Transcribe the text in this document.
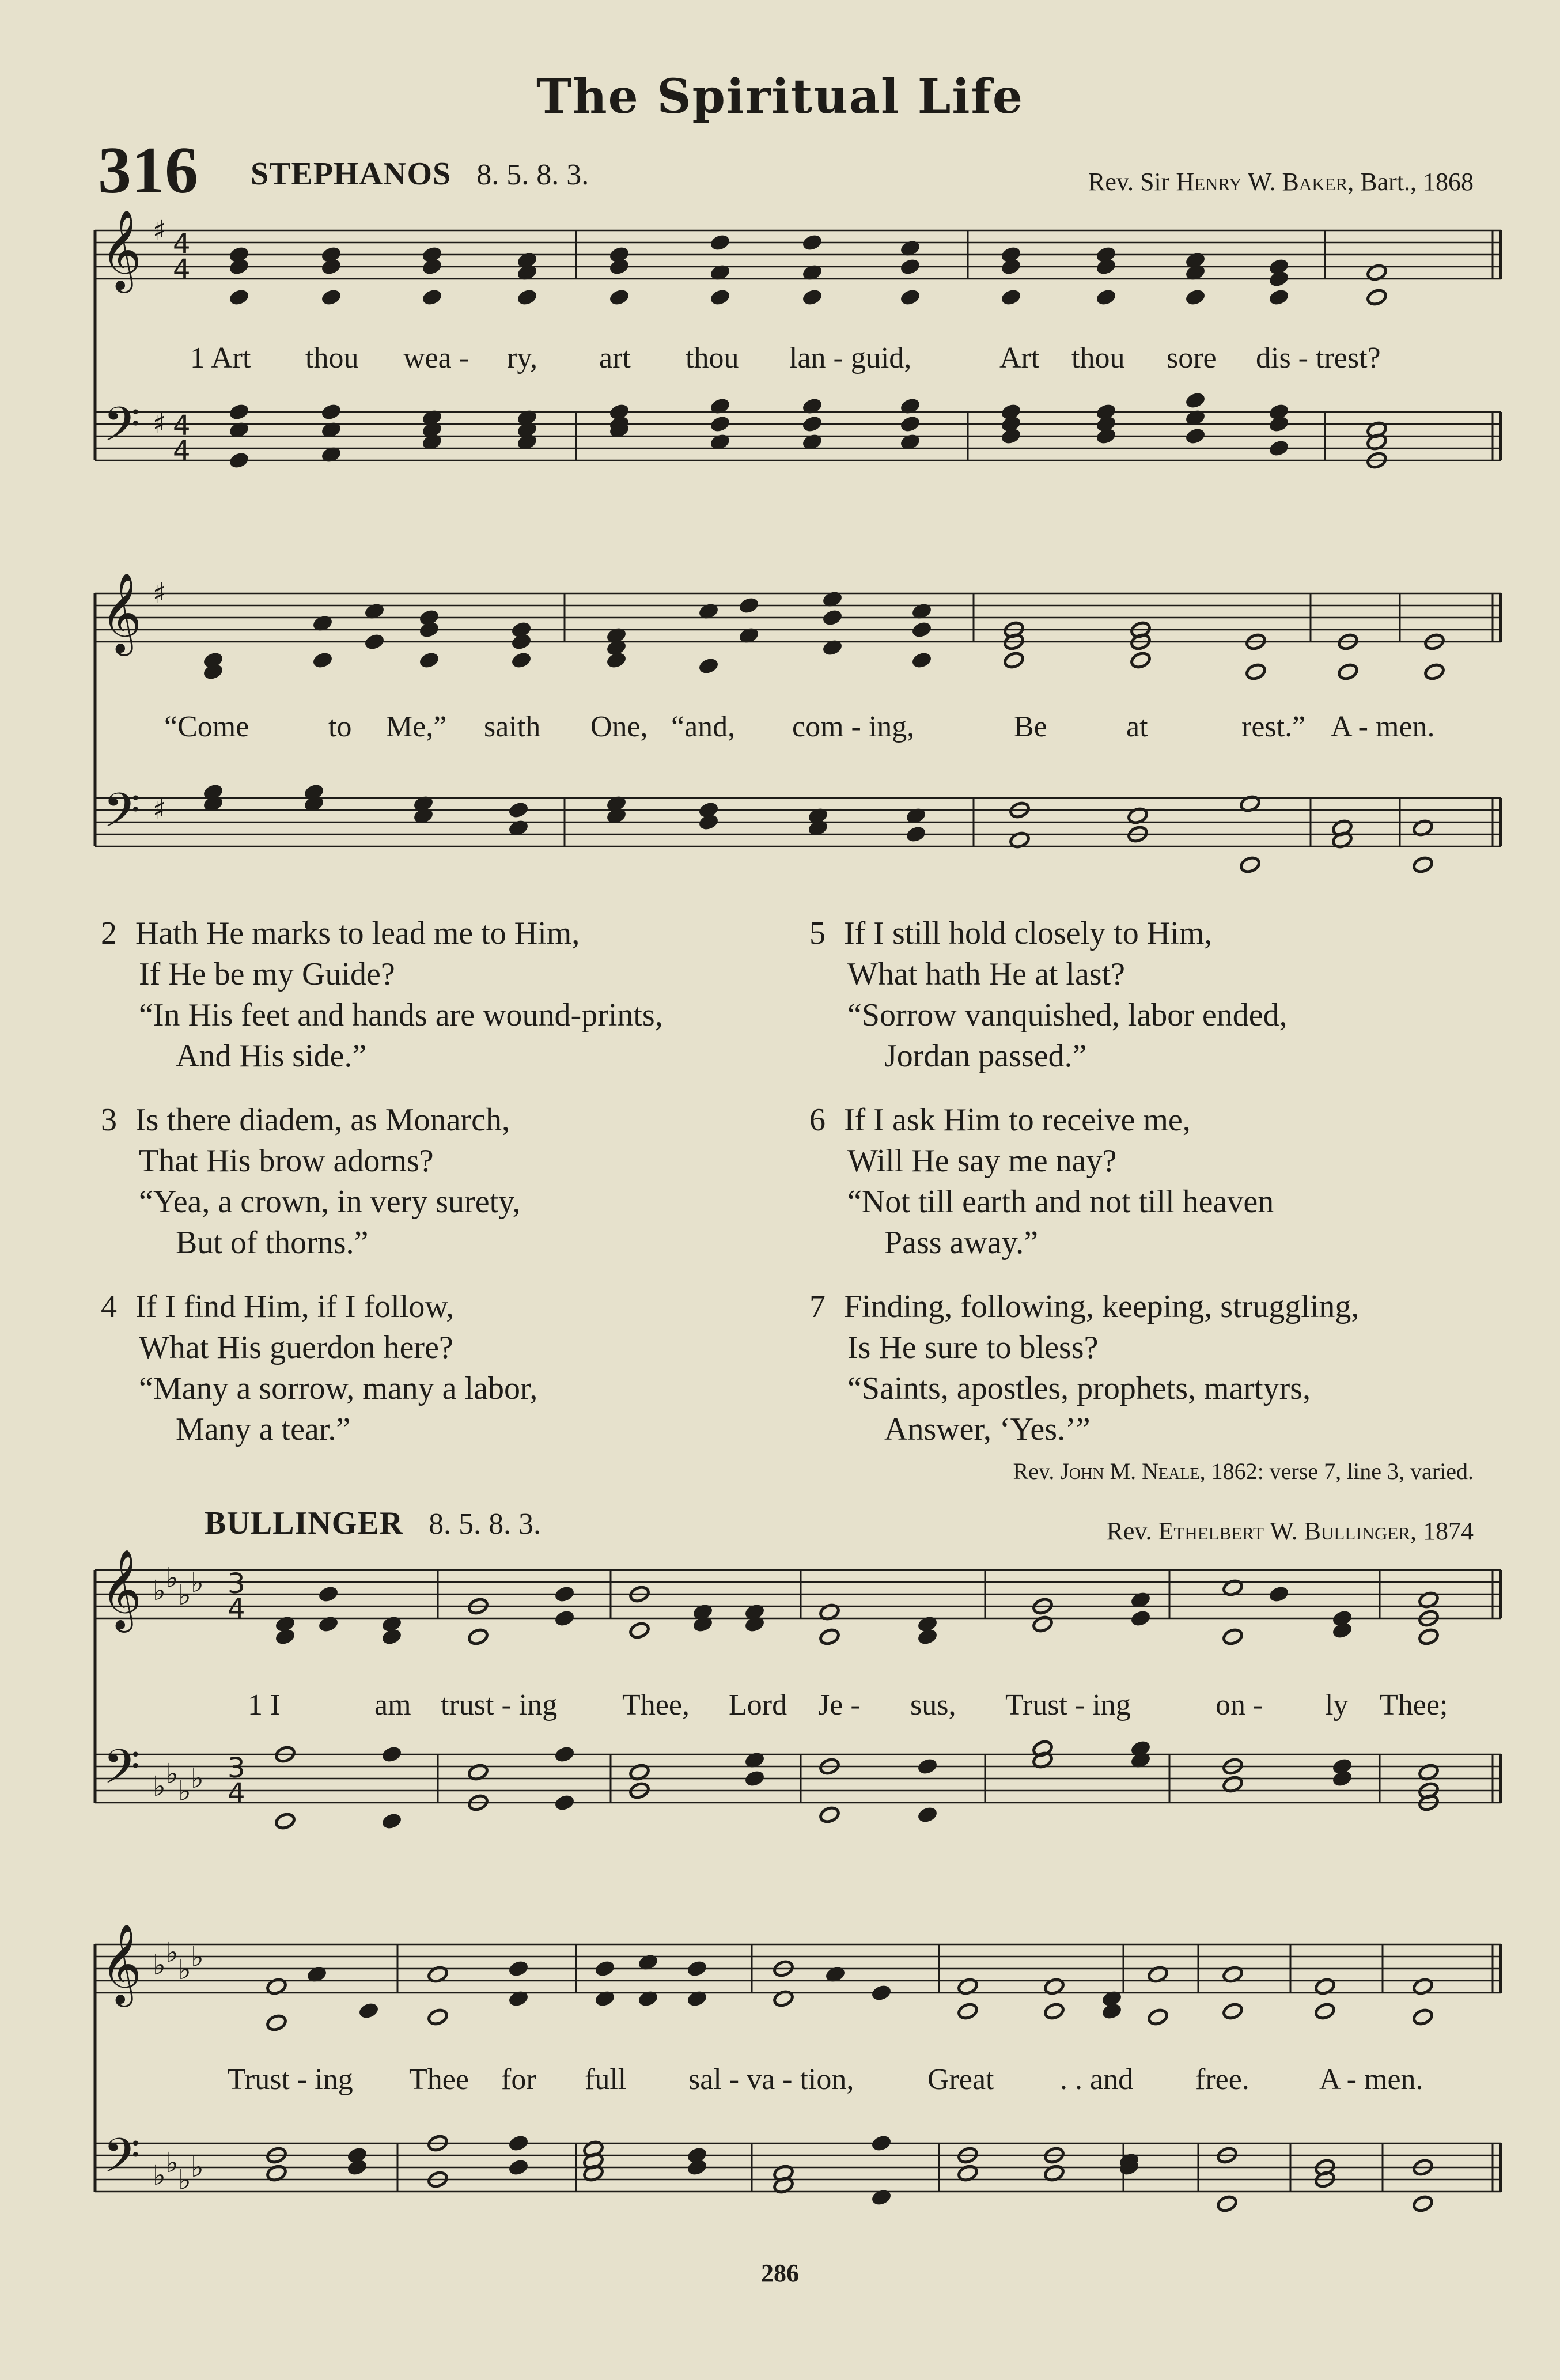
The Spiritual Life
316 STEPHANOS 8. 5. 8. 3.	Rev. Sir Henry W. Baker, Bart., 1868
𝄞
𝄢
♯
♯
4
4
4
4
𝄞
𝄢
♯
♯
𝄞
𝄢
♭
♭
♭
♭
♭
♭
♭
♭
3
4
3
4
𝄞
𝄢
♭
♭
♭
♭
♭
♭
♭
♭
1 Art thou wea - ry, art thou lan - guid,	Art thou sore dis - trest?
“Come	to Me,” saith One, “and, com - ing,	Be	at	rest.” A - men.
2 Hath He marks to lead me to Him,
If He be my Guide?
“In His feet and hands are wound-prints,
And His side.”
3 Is there diadem, as Monarch,
That His brow adorns?
“Yea, a crown, in very surety,
But of thorns.”
4 If I find Him, if I follow,
What His guerdon here?
“Many a sorrow, many a labor,
Many a tear.”
5 If I still hold closely to Him,
What hath He at last?
“Sorrow vanquished, labor ended,
Jordan passed.”
6 If I ask Him to receive me,
Will He say me nay?
“Not till earth and not till heaven
Pass away.”
7 Finding, following, keeping, struggling,
Is He sure to bless?
“Saints, apostles, prophets, martyrs,
Answer, ‘Yes.’”
Rev. John M. Neale, 1862: verse 7, line 3, varied.
BULLINGER 8. 5. 8. 3.	Rev. Ethelbert W. Bullinger, 1874
1 I	am trust - ing Thee, Lord Je - sus, Trust - ing	on - ly Thee;
Trust - ing Thee for full sal - va - tion, Great . . and free. A - men.
286
